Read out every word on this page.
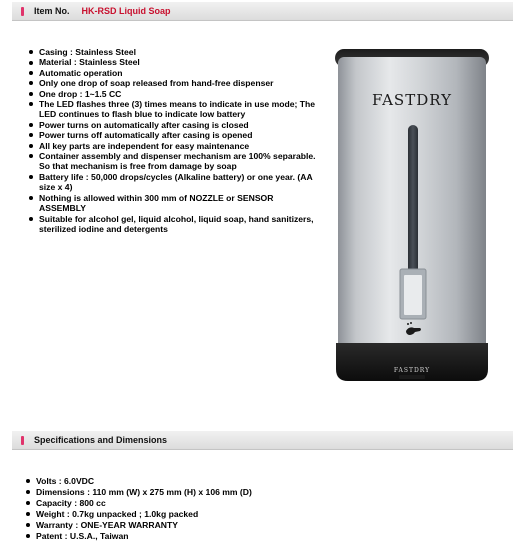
Item No. HK-RSD Liquid Soap
Casing : Stainless Steel
Material : Stainless Steel
Automatic operation
Only one drop of soap released from hand-free dispenser
One drop : 1~1.5 CC
The LED flashes three (3) times means to indicate in use mode; The LED continues to flash blue to indicate low battery
Power turns on automatically after casing is closed
Power turns off automatically after casing is opened
All key parts are independent for easy maintenance
Container assembly and dispenser mechanism are 100% separable. So that mechanism is free from damage by soap
Battery life : 50,000 drops/cycles (Alkaline battery) or one year. (AA size x 4)
Nothing is allowed within 300 mm of NOZZLE or SENSOR ASSEMBLY
Suitable for alcohol gel, liquid alcohol, liquid soap, hand sanitizers, sterilized iodine and detergents
FASTDRY
FASTDRY
Specifications and Dimensions
Volts : 6.0VDC
Dimensions : 110 mm (W) x 275 mm (H) x 106 mm (D)
Capacity : 800 cc
Weight : 0.7kg unpacked ; 1.0kg packed
Warranty : ONE-YEAR WARRANTY
Patent : U.S.A., Taiwan
